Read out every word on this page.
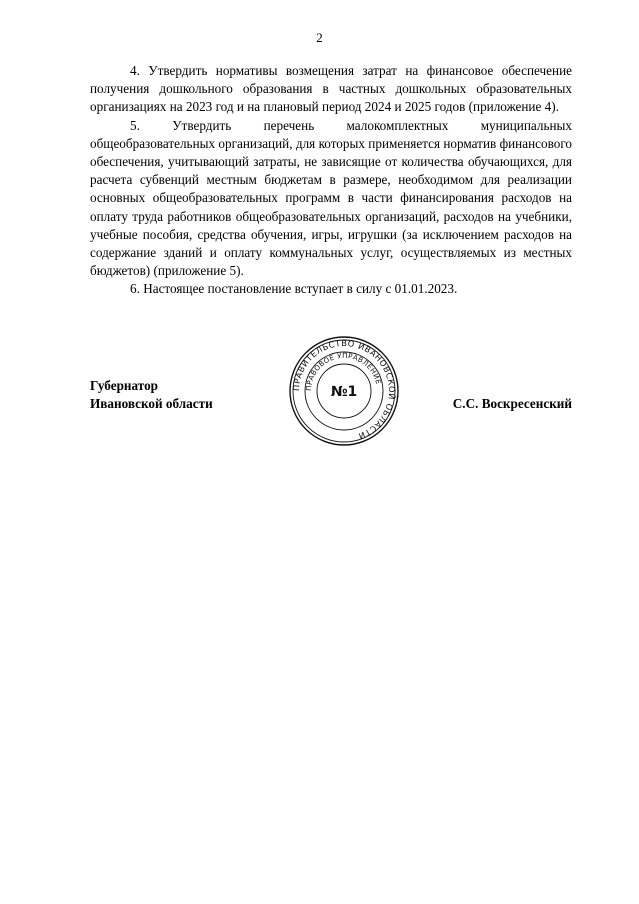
2

4. Утвердить нормативы возмещения затрат на финансовое обеспечение получения дошкольного образования в частных дошкольных образовательных организациях на 2023 год и на плановый период 2024 и 2025 годов (приложение 4).

5. Утвердить перечень малокомплектных муниципальных общеобразовательных организаций, для которых применяется норматив финансового обеспечения, учитывающий затраты, не зависящие от количества обучающихся, для расчета субвенций местным бюджетам в размере, необходимом для реализации основных общеобразовательных программ в части финансирования расходов на оплату труда работников общеобразовательных организаций, расходов на учебники, учебные пособия, средства обучения, игры, игрушки (за исключением расходов на содержание зданий и оплату коммунальных услуг, осуществляемых из местных бюджетов) (приложение 5).

6. Настоящее постановление вступает в силу с 01.01.2023.

Губернатор
Ивановской области	С.С. Воскресенский
ПРАВИТЕЛЬСТВО ИВАНОВСКОЙ ОБЛАСТИ
ПРАВОВОЕ УПРАВЛЕНИЕ
№1
